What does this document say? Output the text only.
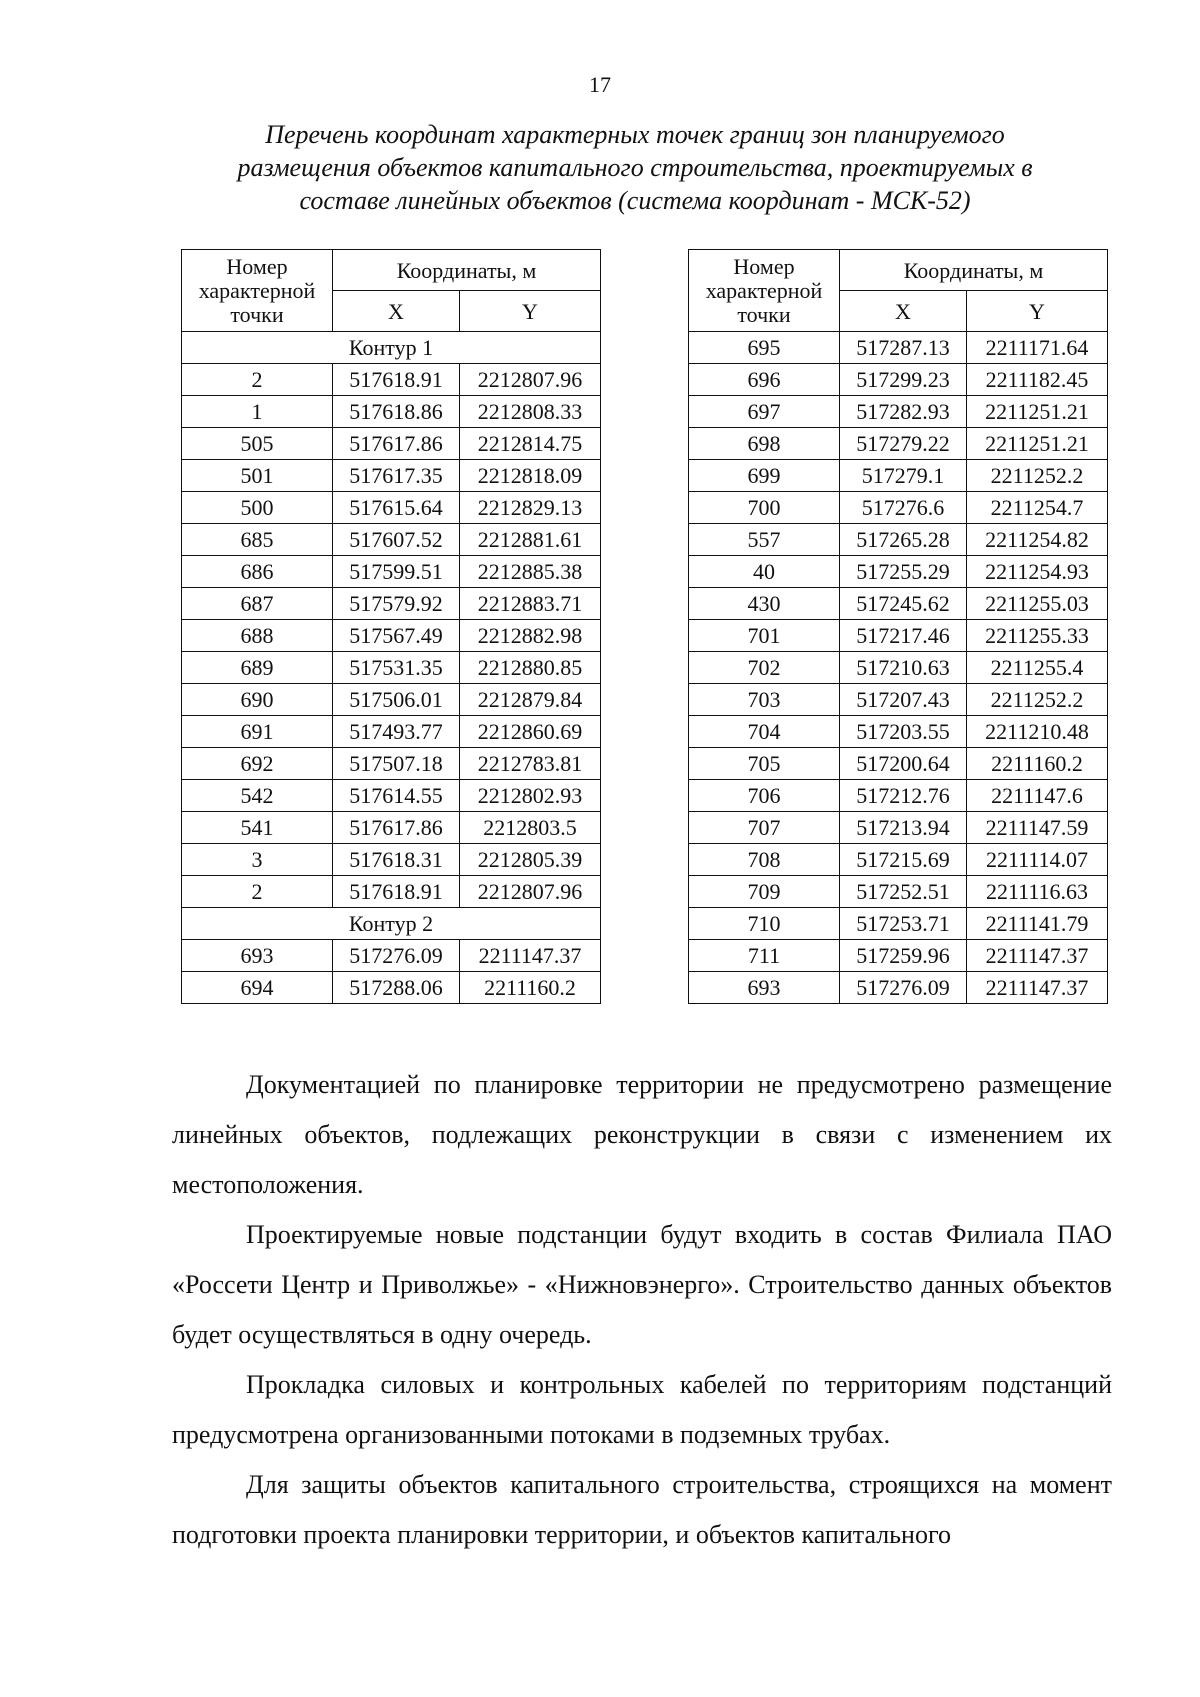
17
Перечень координат характерных точек границ зон планируемого
размещения объектов капитального строительства, проектируемых в
составе линейных объектов (система координат - МСК-52)
Номер
характерной
точки	Координаты, м	
	X	Y
Контур 1		
2	517618.91	2212807.96
1	517618.86	2212808.33
505	517617.86	2212814.75
501	517617.35	2212818.09
500	517615.64	2212829.13
685	517607.52	2212881.61
686	517599.51	2212885.38
687	517579.92	2212883.71
688	517567.49	2212882.98
689	517531.35	2212880.85
690	517506.01	2212879.84
691	517493.77	2212860.69
692	517507.18	2212783.81
542	517614.55	2212802.93
541	517617.86	2212803.5
3	517618.31	2212805.39
2	517618.91	2212807.96
Контур 2		
693	517276.09	2211147.37
694	517288.06	2211160.2
Номер
характерной
точки	Координаты, м	
	X	Y
695	517287.13	2211171.64
696	517299.23	2211182.45
697	517282.93	2211251.21
698	517279.22	2211251.21
699	517279.1	2211252.2
700	517276.6	2211254.7
557	517265.28	2211254.82
40	517255.29	2211254.93
430	517245.62	2211255.03
701	517217.46	2211255.33
702	517210.63	2211255.4
703	517207.43	2211252.2
704	517203.55	2211210.48
705	517200.64	2211160.2
706	517212.76	2211147.6
707	517213.94	2211147.59
708	517215.69	2211114.07
709	517252.51	2211116.63
710	517253.71	2211141.79
711	517259.96	2211147.37
693	517276.09	2211147.37

Документацией по планировке территории не предусмотрено размещение линейных объектов, подлежащих реконструкции в связи с изменением их местоположения.

Проектируемые новые подстанции будут входить в состав Филиала ПАО «Россети Центр и Приволжье» - «Нижновэнерго». Строительство данных объектов будет осуществляться в одну очередь.

Прокладка силовых и контрольных кабелей по территориям подстанций предусмотрена организованными потоками в подземных трубах.

Для защиты объектов капитального строительства, строящихся на момент подготовки проекта планировки территории, и объектов капитального
